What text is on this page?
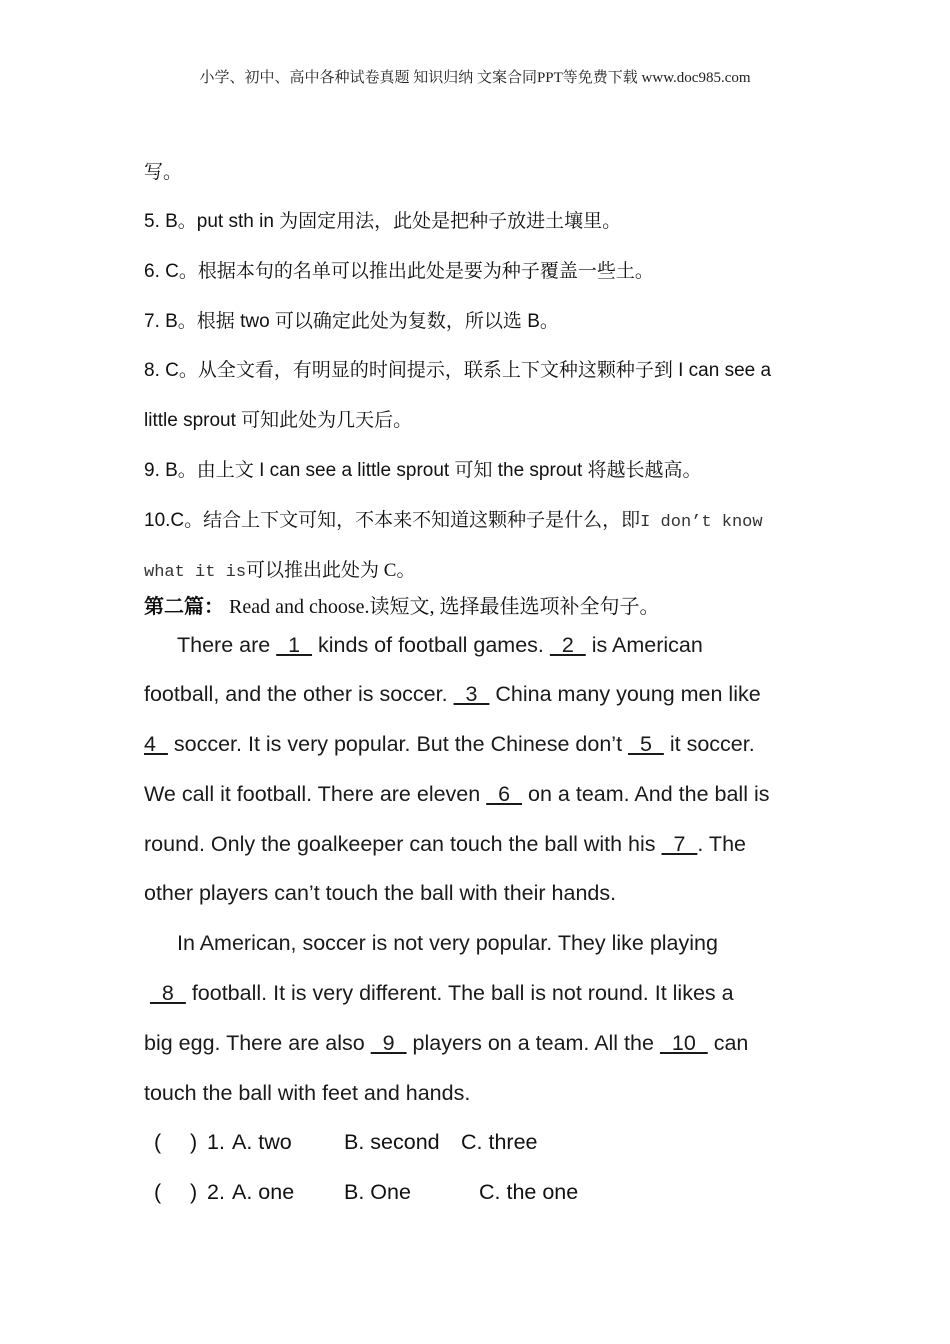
小学、初中、高中各种试卷真题 知识归纳 文案合同PPT等免费下载 www.doc985.com
写。
5. B。put sth in 为固定用法，此处是把种子放进土壤里。
6. C。根据本句的名单可以推出此处是要为种子覆盖一些土。
7. B。根据 two 可以确定此处为复数，所以选 B。
8. C。从全文看，有明显的时间提示，联系上下文种这颗种子到 I can see a
little sprout 可知此处为几天后。
9. B。由上文 I can see a little sprout 可知 the sprout 将越长越高。
10.C。结合上下文可知，不本来不知道这颗种子是什么，即I don’t know
what it is可以推出此处为 C。
第二篇： Read and choose.读短文, 选择最佳选项补全句子。
There are   1   kinds of football games.   2   is American
football, and the other is soccer.   3   China many young men like
4   soccer. It is very popular. But the Chinese don’t   5   it soccer.
We call it football. There are eleven   6   on a team. And the ball is
round. Only the goalkeeper can touch the ball with his   7  . The
other players can’t touch the ball with their hands.
In American, soccer is not very popular. They like playing
8   football. It is very different. The ball is not round. It likes a
big egg. There are also   9   players on a team. All the   10   can
touch the ball with feet and hands.
( ) 1. A. two B. second C. three
( ) 2. A. one B. One	C. the one
